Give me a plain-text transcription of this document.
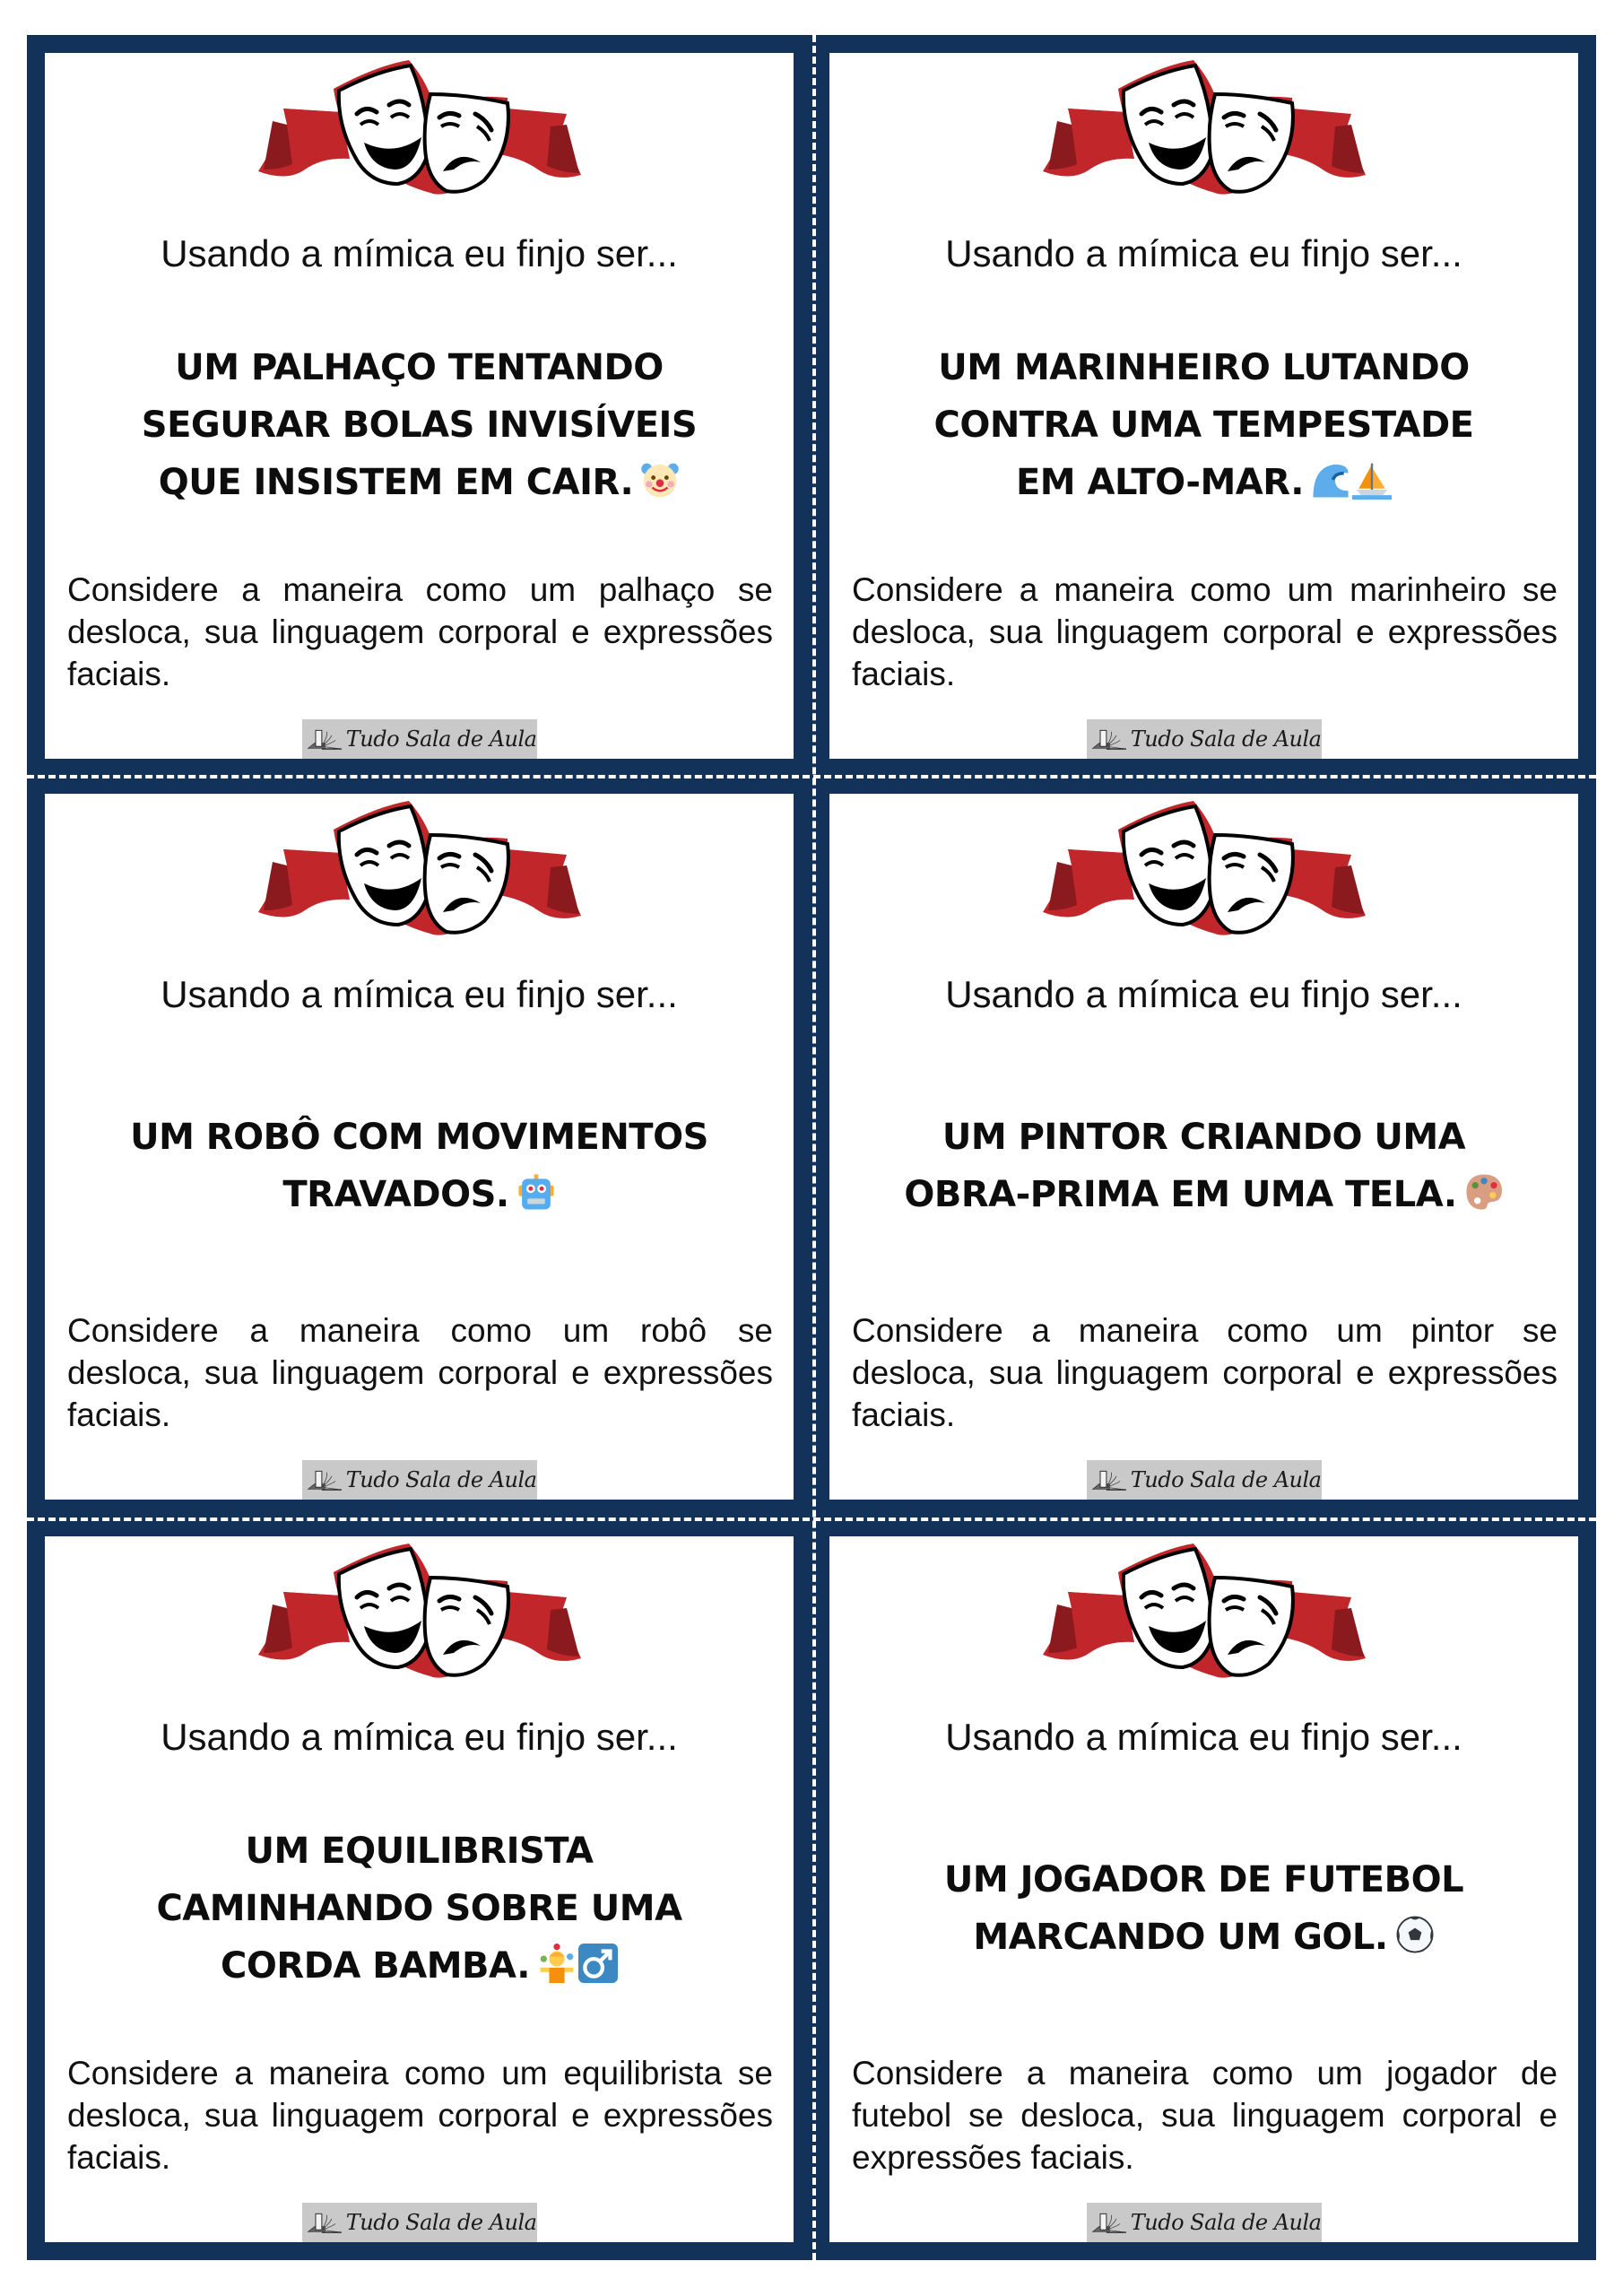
Usando a mímica eu finjo ser...
UM PALHAÇO TENTANDO
SEGURAR BOLAS INVISÍVEIS
QUE INSISTEM EM CAIR.
Considere a maneira como um palhaço se desloca, sua linguagem corporal e expressões faciais.
Tudo Sala de Aula
Usando a mímica eu finjo ser...
UM MARINHEIRO LUTANDO
CONTRA UMA TEMPESTADE
EM ALTO-MAR.
Considere a maneira como um marinheiro se desloca, sua linguagem corporal e expressões faciais.
Tudo Sala de Aula
Usando a mímica eu finjo ser...
UM ROBÔ COM MOVIMENTOS
TRAVADOS.
Considere a maneira como um robô se desloca, sua linguagem corporal e expressões faciais.
Tudo Sala de Aula
Usando a mímica eu finjo ser...
UM PINTOR CRIANDO UMA
OBRA-PRIMA EM UMA TELA.
Considere a maneira como um pintor se desloca, sua linguagem corporal e expressões faciais.
Tudo Sala de Aula
Usando a mímica eu finjo ser...
UM EQUILIBRISTA
CAMINHANDO SOBRE UMA
CORDA BAMBA.
Considere a maneira como um equilibrista se desloca, sua linguagem corporal e expressões faciais.
Tudo Sala de Aula
Usando a mímica eu finjo ser...
UM JOGADOR DE FUTEBOL
MARCANDO UM GOL.
Considere a maneira como um jogador de futebol se desloca, sua linguagem corporal e expressões faciais.
Tudo Sala de Aula
